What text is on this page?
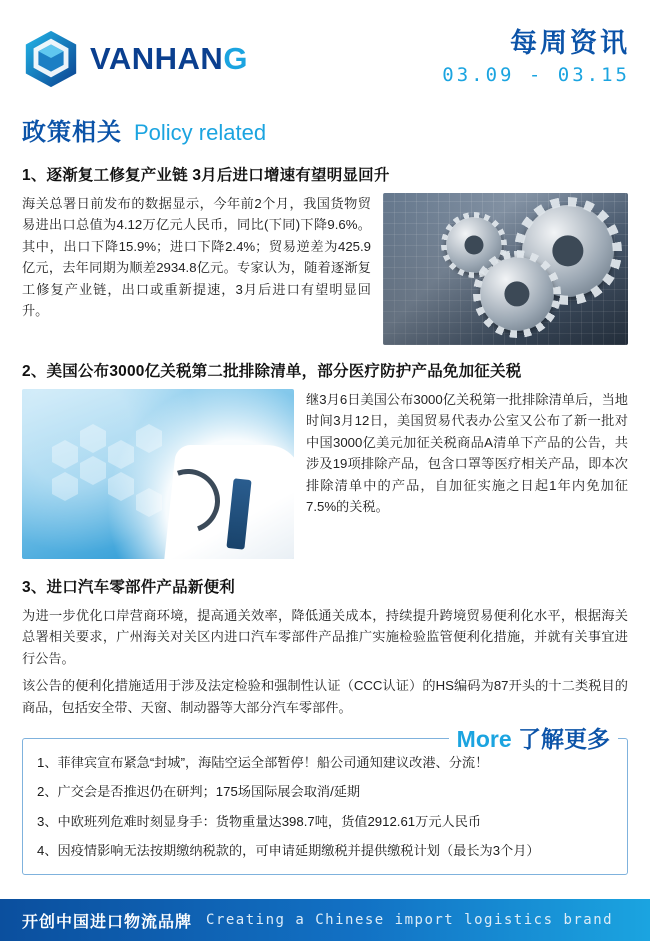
VANHAN G	每周资讯
03.09 - 03.15
政策相关 Policy related
1、逐渐复工修复产业链 3月后进口增速有望明显回升
海关总署日前发布的数据显示，今年前2个月，我国货物贸易进出口总值为4.12万亿元人民币，同比(下同)下降9.6%。其中，出口下降15.9%；进口下降2.4%；贸易逆差为425.9亿元，去年同期为顺差2934.8亿元。专家认为，随着逐渐复工修复产业链，出口或重新提速，3月后进口有望明显回升。
2、美国公布3000亿关税第二批排除清单，部分医疗防护产品免加征关税
继3月6日美国公布3000亿关税第一批排除清单后，当地时间3月12日，美国贸易代表办公室又公布了新一批对中国3000亿美元加征关税商品A清单下产品的公告，共涉及19项排除产品，包含口罩等医疗相关产品，即本次排除清单中的产品，自加征实施之日起1年内免加征7.5%的关税。
3、进口汽车零部件产品新便利
为进一步优化口岸营商环境，提高通关效率，降低通关成本，持续提升跨境贸易便利化水平，根据海关总署相关要求，广州海关对关区内进口汽车零部件产品推广实施检验监管便利化措施，并就有关事宜进行公告。
该公告的便利化措施适用于涉及法定检验和强制性认证（CCC认证）的HS编码为87开头的十二类税目的商品，包括安全带、天窗、制动器等大部分汽车零部件。
More 了解更多
1、菲律宾宣布紧急“封城”，海陆空运全部暂停！船公司通知建议改港、分流！
2、广交会是否推迟仍在研判；175场国际展会取消/延期
3、中欧班列危难时刻显身手：货物重量达398.7吨，货值2912.61万元人民币
4、因疫情影响无法按期缴纳税款的，可申请延期缴税并提供缴税计划（最长为3个月）
开创中国进口物流品牌 Creating a Chinese import logistics brand
